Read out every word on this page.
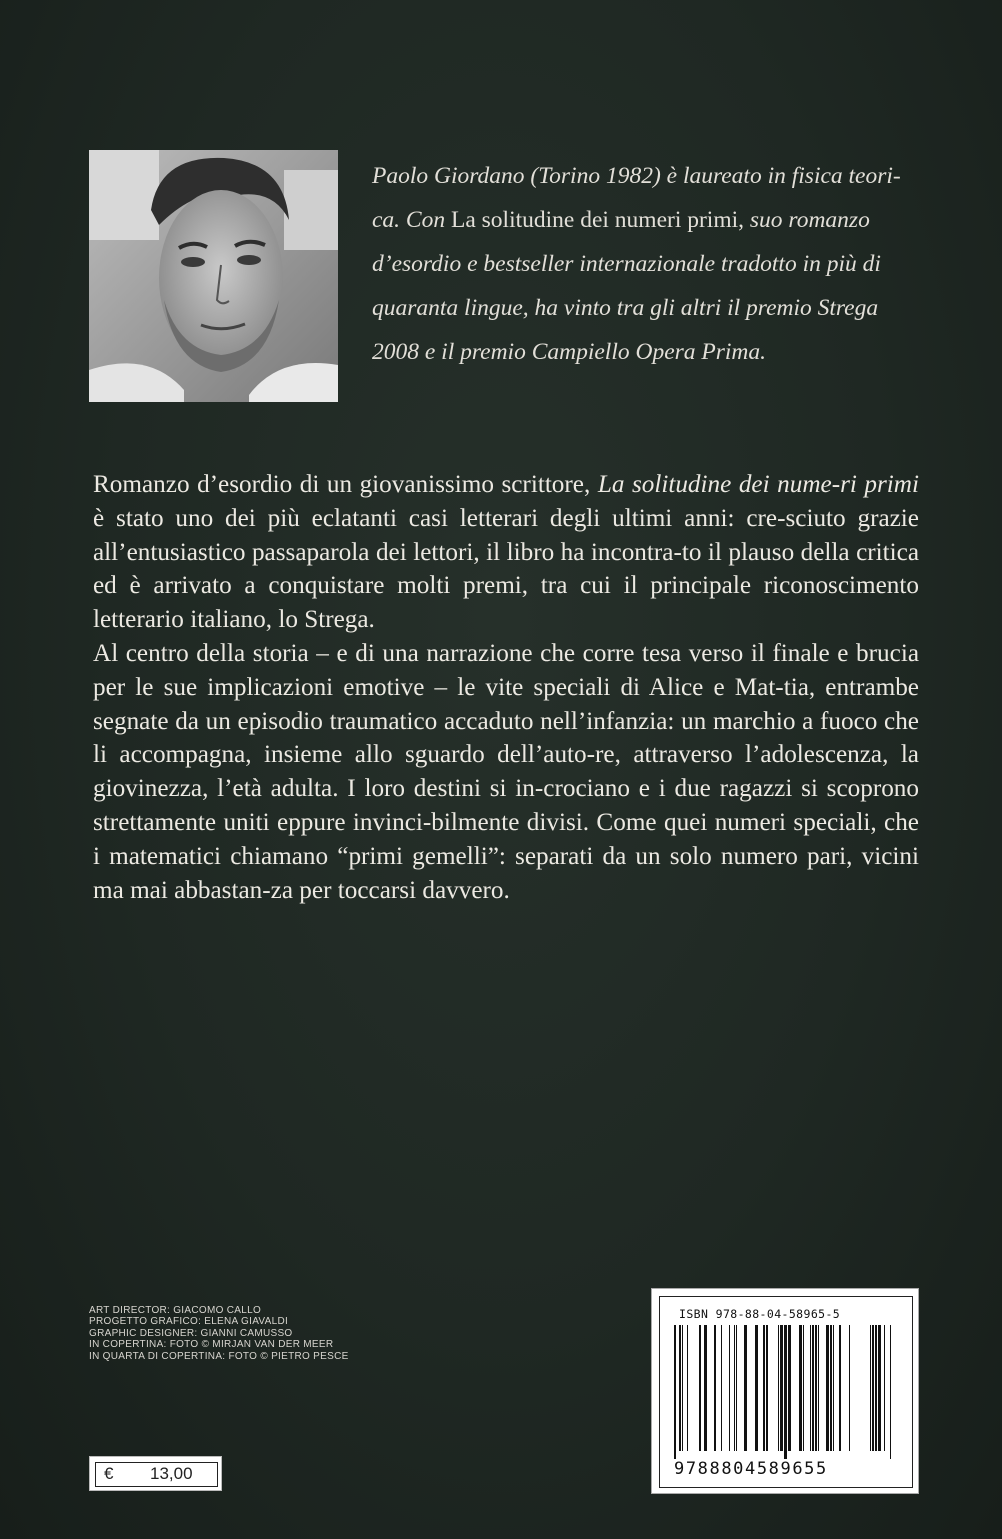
Paolo Giordano (Torino 1982) è laureato in fisica teori-
ca. Con La solitudine dei numeri primi, suo romanzo
d’esordio e bestseller internazionale tradotto in più di
quaranta lingue, ha vinto tra gli altri il premio Strega
2008 e il premio Campiello Opera Prima.

Romanzo d’esordio di un giovanissimo scrittore, La solitudine dei nume-ri primi è stato uno dei più eclatanti casi letterari degli ultimi anni: cre-sciuto grazie all’entusiastico passaparola dei lettori, il libro ha incontra-to il plauso della critica ed è arrivato a conquistare molti premi, tra cui il principale riconoscimento letterario italiano, lo Strega.

Al centro della storia – e di una narrazione che corre tesa verso il finale e brucia per le sue implicazioni emotive – le vite speciali di Alice e Mat-tia, entrambe segnate da un episodio traumatico accaduto nell’infanzia: un marchio a fuoco che li accompagna, insieme allo sguardo dell’auto-re, attraverso l’adolescenza, la giovinezza, l’età adulta. I loro destini si in-crociano e i due ragazzi si scoprono strettamente uniti eppure invinci-bilmente divisi. Come quei numeri speciali, che i matematici chiamano “primi gemelli”: separati da un solo numero pari, vicini ma mai abbastan-za per toccarsi davvero.

ART DIRECTOR: GIACOMO CALLO
PROGETTO GRAFICO: ELENA GIAVALDI
GRAPHIC DESIGNER: GIANNI CAMUSSO
IN COPERTINA: FOTO © MIRJAN VAN DER MEER
IN QUARTA DI COPERTINA: FOTO © PIETRO PESCE
€ 13,00
ISBN 978-88-04-58965-5
9788804589655
